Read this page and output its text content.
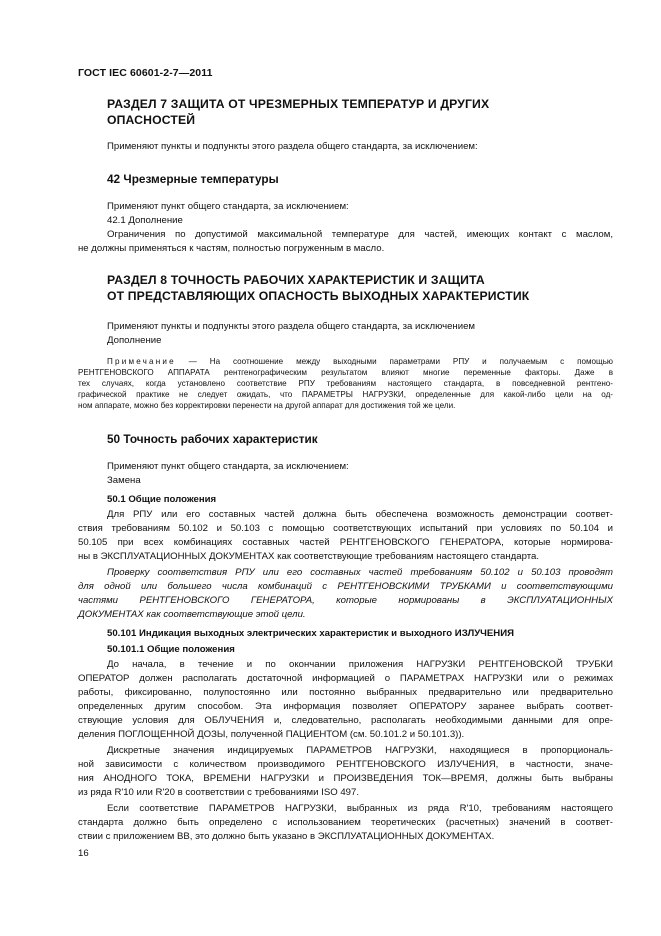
ГОСТ IEC 60601-2-7—2011
РАЗДЕЛ 7 ЗАЩИТА ОТ ЧРЕЗМЕРНЫХ ТЕМПЕРАТУР И ДРУГИХ
ОПАСНОСТЕЙ
Применяют пункты и подпункты этого раздела общего стандарта, за исключением:
42 Чрезмерные температуры
Применяют пункт общего стандарта, за исключением:
42.1 Дополнение
Ограничения по допустимой максимальной температуре для частей, имеющих контакт с маслом,
не должны применяться к частям, полностью погруженным в масло.
РАЗДЕЛ 8 ТОЧНОСТЬ РАБОЧИХ ХАРАКТЕРИСТИК И ЗАЩИТА
ОТ ПРЕДСТАВЛЯЮЩИХ ОПАСНОСТЬ ВЫХОДНЫХ ХАРАКТЕРИСТИК
Применяют пункты и подпункты этого раздела общего стандарта, за исключением
Дополнение
Примечание — На соотношение между выходными параметрами РПУ и получаемым с помощью
РЕНТГЕНОВСКОГО АППАРАТА рентгенографическим результатом влияют многие переменные факторы. Даже в
тех случаях, когда установлено соответствие РПУ требованиям настоящего стандарта, в повседневной рентгено-
графической практике не следует ожидать, что ПАРАМЕТРЫ НАГРУЗКИ, определенные для какой-либо цели на од-
ном аппарате, можно без корректировки перенести на другой аппарат для достижения той же цели.
50 Точность рабочих характеристик
Применяют пункт общего стандарта, за исключением:
Замена
50.1 Общие положения
Для РПУ или его составных частей должна быть обеспечена возможность демонстрации соответ-
ствия требованиям 50.102 и 50.103 с помощью соответствующих испытаний при условиях по 50.104 и
50.105 при всех комбинациях составных частей РЕНТГЕНОВСКОГО ГЕНЕРАТОРА, которые нормирова-
ны в ЭКСПЛУАТАЦИОННЫХ ДОКУМЕНТАХ как соответствующие требованиям настоящего стандарта.
Проверку соответствия РПУ или его составных частей требованиям 50.102 и 50.103 проводят
для одной или большего числа комбинаций с РЕНТГЕНОВСКИМИ ТРУБКАМИ и соответствующими
частями РЕНТГЕНОВСКОГО ГЕНЕРАТОРА, которые нормированы в ЭКСПЛУАТАЦИОННЫХ
ДОКУМЕНТАХ как соответствующие этой цели.
50.101 Индикация выходных электрических характеристик и выходного ИЗЛУЧЕНИЯ
50.101.1 Общие положения
До начала, в течение и по окончании приложения НАГРУЗКИ РЕНТГЕНОВСКОЙ ТРУБКИ
ОПЕРАТОР должен располагать достаточной информацией о ПАРАМЕТРАХ НАГРУЗКИ или о режимах
работы, фиксированно, полупостоянно или постоянно выбранных предварительно или предварительно
определенных другим способом. Эта информация позволяет ОПЕРАТОРУ заранее выбрать соответ-
ствующие условия для ОБЛУЧЕНИЯ и, следовательно, располагать необходимыми данными для опре-
деления ПОГЛОЩЕННОЙ ДОЗЫ, полученной ПАЦИЕНТОМ (см. 50.101.2 и 50.101.3)).
Дискретные значения индицируемых ПАРАМЕТРОВ НАГРУЗКИ, находящиеся в пропорциональ-
ной зависимости с количеством производимого РЕНТГЕНОВСКОГО ИЗЛУЧЕНИЯ, в частности, значе-
ния АНОДНОГО ТОКА, ВРЕМЕНИ НАГРУЗКИ и ПРОИЗВЕДЕНИЯ ТОК—ВРЕМЯ, должны быть выбраны
из ряда R'10 или R'20 в соответствии с требованиями ISO 497.
Если соответствие ПАРАМЕТРОВ НАГРУЗКИ, выбранных из ряда R'10, требованиям настоящего
стандарта должно быть определено с использованием теоретических (расчетных) значений в соответ-
ствии с приложением ВВ, это должно быть указано в ЭКСПЛУАТАЦИОННЫХ ДОКУМЕНТАХ.
16
